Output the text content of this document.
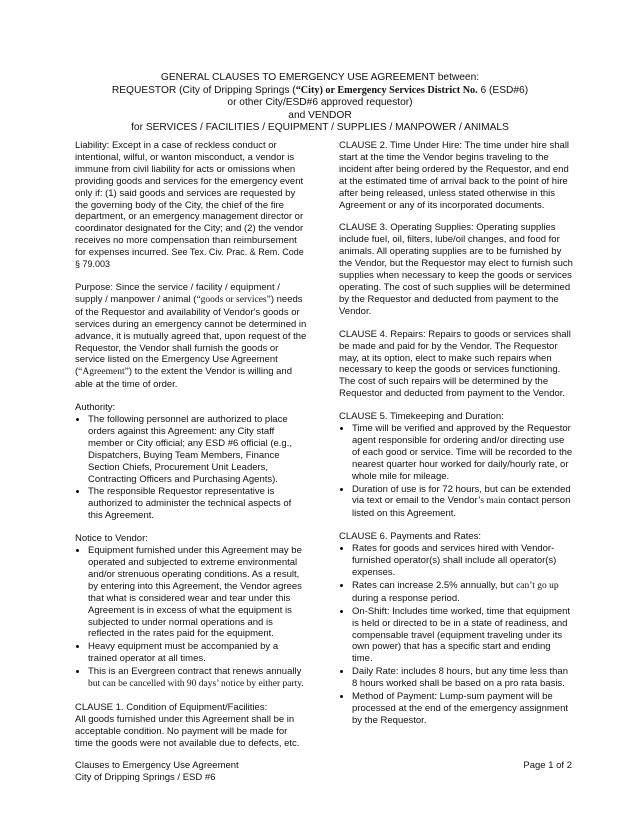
GENERAL CLAUSES TO EMERGENCY USE AGREEMENT between:
REQUESTOR (City of Dripping Springs (“City) or Emergency Services District No. 6 (ESD#6)
or other City/ESD#6 approved requestor)
and VENDOR
for SERVICES / FACILITIES / EQUIPMENT / SUPPLIES / MANPOWER / ANIMALS

Liability: Except in a case of reckless conduct or intentional, wilful, or wanton misconduct, a vendor is immune from civil liability for acts or omissions when providing goods and services for the emergency event only if: (1) said goods and services are requested by the governing body of the City, the chief of the fire department, or an emergency management director or coordinator designated for the City; and (2) the vendor receives no more compensation than reimbursement for expenses incurred. See Tex. Civ. Prac. & Rem. Code § 79.003

Purpose: Since the service / facility / equipment / supply / manpower / animal (“goods or services”) needs of the Requestor and availability of Vendor's goods or services during an emergency cannot be determined in advance, it is mutually agreed that, upon request of the Requestor, the Vendor shall furnish the goods or service listed on the Emergency Use Agreement (“Agreement”) to the extent the Vendor is willing and able at the time of order.

Authority:
• The following personnel are authorized to place orders against this Agreement: any City staff member or City official; any ESD #6 official (e.g., Dispatchers, Buying Team Members, Finance Section Chiefs, Procurement Unit Leaders, Contracting Officers and Purchasing Agents).
• The responsible Requestor representative is authorized to administer the technical aspects of this Agreement.
Notice to Vendor:
• Equipment furnished under this Agreement may be operated and subjected to extreme environmental and/or strenuous operating conditions. As a result, by entering into this Agreement, the Vendor agrees that what is considered wear and tear under this Agreement is in excess of what the equipment is subjected to under normal operations and is reflected in the rates paid for the equipment.
• Heavy equipment must be accompanied by a trained operator at all times.
• This is an Evergreen contract that renews annually but can be cancelled with 90 days’ notice by either party.
CLAUSE 1. Condition of Equipment/Facilities:

All goods furnished under this Agreement shall be in acceptable condition. No payment will be made for time the goods were not available due to defects, etc.

CLAUSE 2. Time Under Hire: The time under hire shall start at the time the Vendor begins traveling to the incident after being ordered by the Requestor, and end at the estimated time of arrival back to the point of hire after being released, unless stated otherwise in this Agreement or any of its incorporated documents.

CLAUSE 3. Operating Supplies: Operating supplies include fuel, oil, filters, lube/oil changes, and food for animals. All operating supplies are to be furnished by the Vendor, but the Requestor may elect to furnish such supplies when necessary to keep the goods or services operating. The cost of such supplies will be determined by the Requestor and deducted from payment to the Vendor.

CLAUSE 4. Repairs: Repairs to goods or services shall be made and paid for by the Vendor. The Requestor may, at its option, elect to make such repairs when necessary to keep the goods or services functioning. The cost of such repairs will be determined by the Requestor and deducted from payment to the Vendor.

CLAUSE 5. Timekeeping and Duration:
• Time will be verified and approved by the Requestor agent responsible for ordering and/or directing use of each good or service. Time will be recorded to the nearest quarter hour worked for daily/hourly rate, or whole mile for mileage.
• Duration of use is for 72 hours, but can be extended via text or email to the Vendor’s main contact person listed on this Agreement.
CLAUSE 6. Payments and Rates:
• Rates for goods and services hired with Vendor-furnished operator(s) shall include all operator(s) expenses.
• Rates can increase 2.5% annually, but can’t go up during a response period.
• On-Shift: Includes time worked, time that equipment is held or directed to be in a state of readiness, and compensable travel (equipment traveling under its own power) that has a specific start and ending time.
• Daily Rate: includes 8 hours, but any time less than 8 hours worked shall be based on a pro rata basis.
• Method of Payment: Lump-sum payment will be processed at the end of the emergency assignment by the Requestor.
Clauses to Emergency Use Agreement
City of Dripping Springs / ESD #6
Page 1 of 2
